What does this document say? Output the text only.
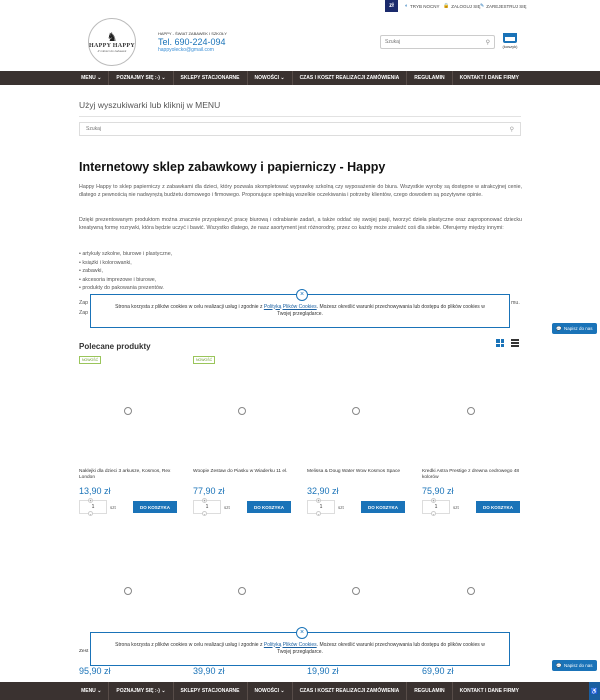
zł	◐ TRYB NOCNY 🔒 ZALOGUJ SIĘ ✎ ZAREJESTRUJ SIĘ
♞
HAPPY HAPPY
Z miłości do zabawek
HAPPY - ŚWIAT ZABAWEK I SZKOŁY
Tel. 690-224-094
happyolecko@gmail.com
Szukaj
⚲
(koszyk)
MENU
⌄	POZNAJMY SIĘ :-)
⌄	SKLEPY STACJONARNE	NOWOŚCI
⌄	CZAS I KOSZT REALIZACJI ZAMÓWIENIA	REGULAMIN	KONTAKT I DANE FIRMY
Użyj wyszukiwarki lub kliknij w MENU
Szukaj
⚲
Internetowy sklep zabawkowy i papierniczy - Happy

Happy Happy to sklep papierniczy z zabawkami dla dzieci, który pozwala skompletować wyprawkę szkolną czy wyposażenie do biura. Wszystkie wyroby są dostępne w atrakcyjnej cenie, dlatego z pewnością nie nadwyrężą budżetu domowego i firmowego. Proponujące spełniają wszelkie oczekiwania i potrzeby klientów, czego dowodem są pozytywne opinie.

Dzięki prezentowanym produktom można znacznie przyspieszyć pracę biurową i odrabianie zadań, a także oddać się swojej pasji, tworzyć dzieła plastyczne oraz zaproponować dziecku kreatywną formę rozrywki, która będzie uczyć i bawić. Wszystko dlatego, że nasz asortyment jest różnorodny, przez co każdy może znaleźć coś dla siebie. Oferujemy między innymi:

• artykuły szkolne, biurowe i plastyczne,
• książki i kolorowanki,
• zabawki,
• akcesoria imprezowe i biurowe,
• produkty do pakowania prezentów.
Zap
Zap
mu.
Polecane produkty
NOWOŚĆ
Naklejki dla dzieci 3 arkusze, Kosmos, Rex London
13,90 zł
+
1
-
szt	DO KOSZYKA
NOWOŚĆ
Woopie Zestaw do Piasku w Wiaderku 11 el.
77,90 zł
+
1
-
szt	DO KOSZYKA
Melissa & Doug Water Wow Kosmos Space
32,90 zł
+
1
-
szt	DO KOSZYKA
Kredki Astra Prestige z drewna cedrowego 48 kolorów
75,90 zł
+
1
-
szt	DO KOSZYKA
Zest
95,90 zł	39,90 zł	19,90 zł	69,90 zł
×

Strona korzysta z plików cookies w celu realizacji usług i zgodnie z Polityką Plików Cookies. Możesz określić warunki przechowywania lub dostępu do plików cookies w Twojej przeglądarce.

×

Strona korzysta z plików cookies w celu realizacji usług i zgodnie z Polityką Plików Cookies. Możesz określić warunki przechowywania lub dostępu do plików cookies w Twojej przeglądarce.

💬 Napisz do nas
💬 Napisz do nas
MENU
⌄	POZNAJMY SIĘ :-)
⌄	SKLEPY STACJONARNE	NOWOŚCI
⌄	CZAS I KOSZT REALIZACJI ZAMÓWIENIA	REGULAMIN	KONTAKT I DANE FIRMY	♿
